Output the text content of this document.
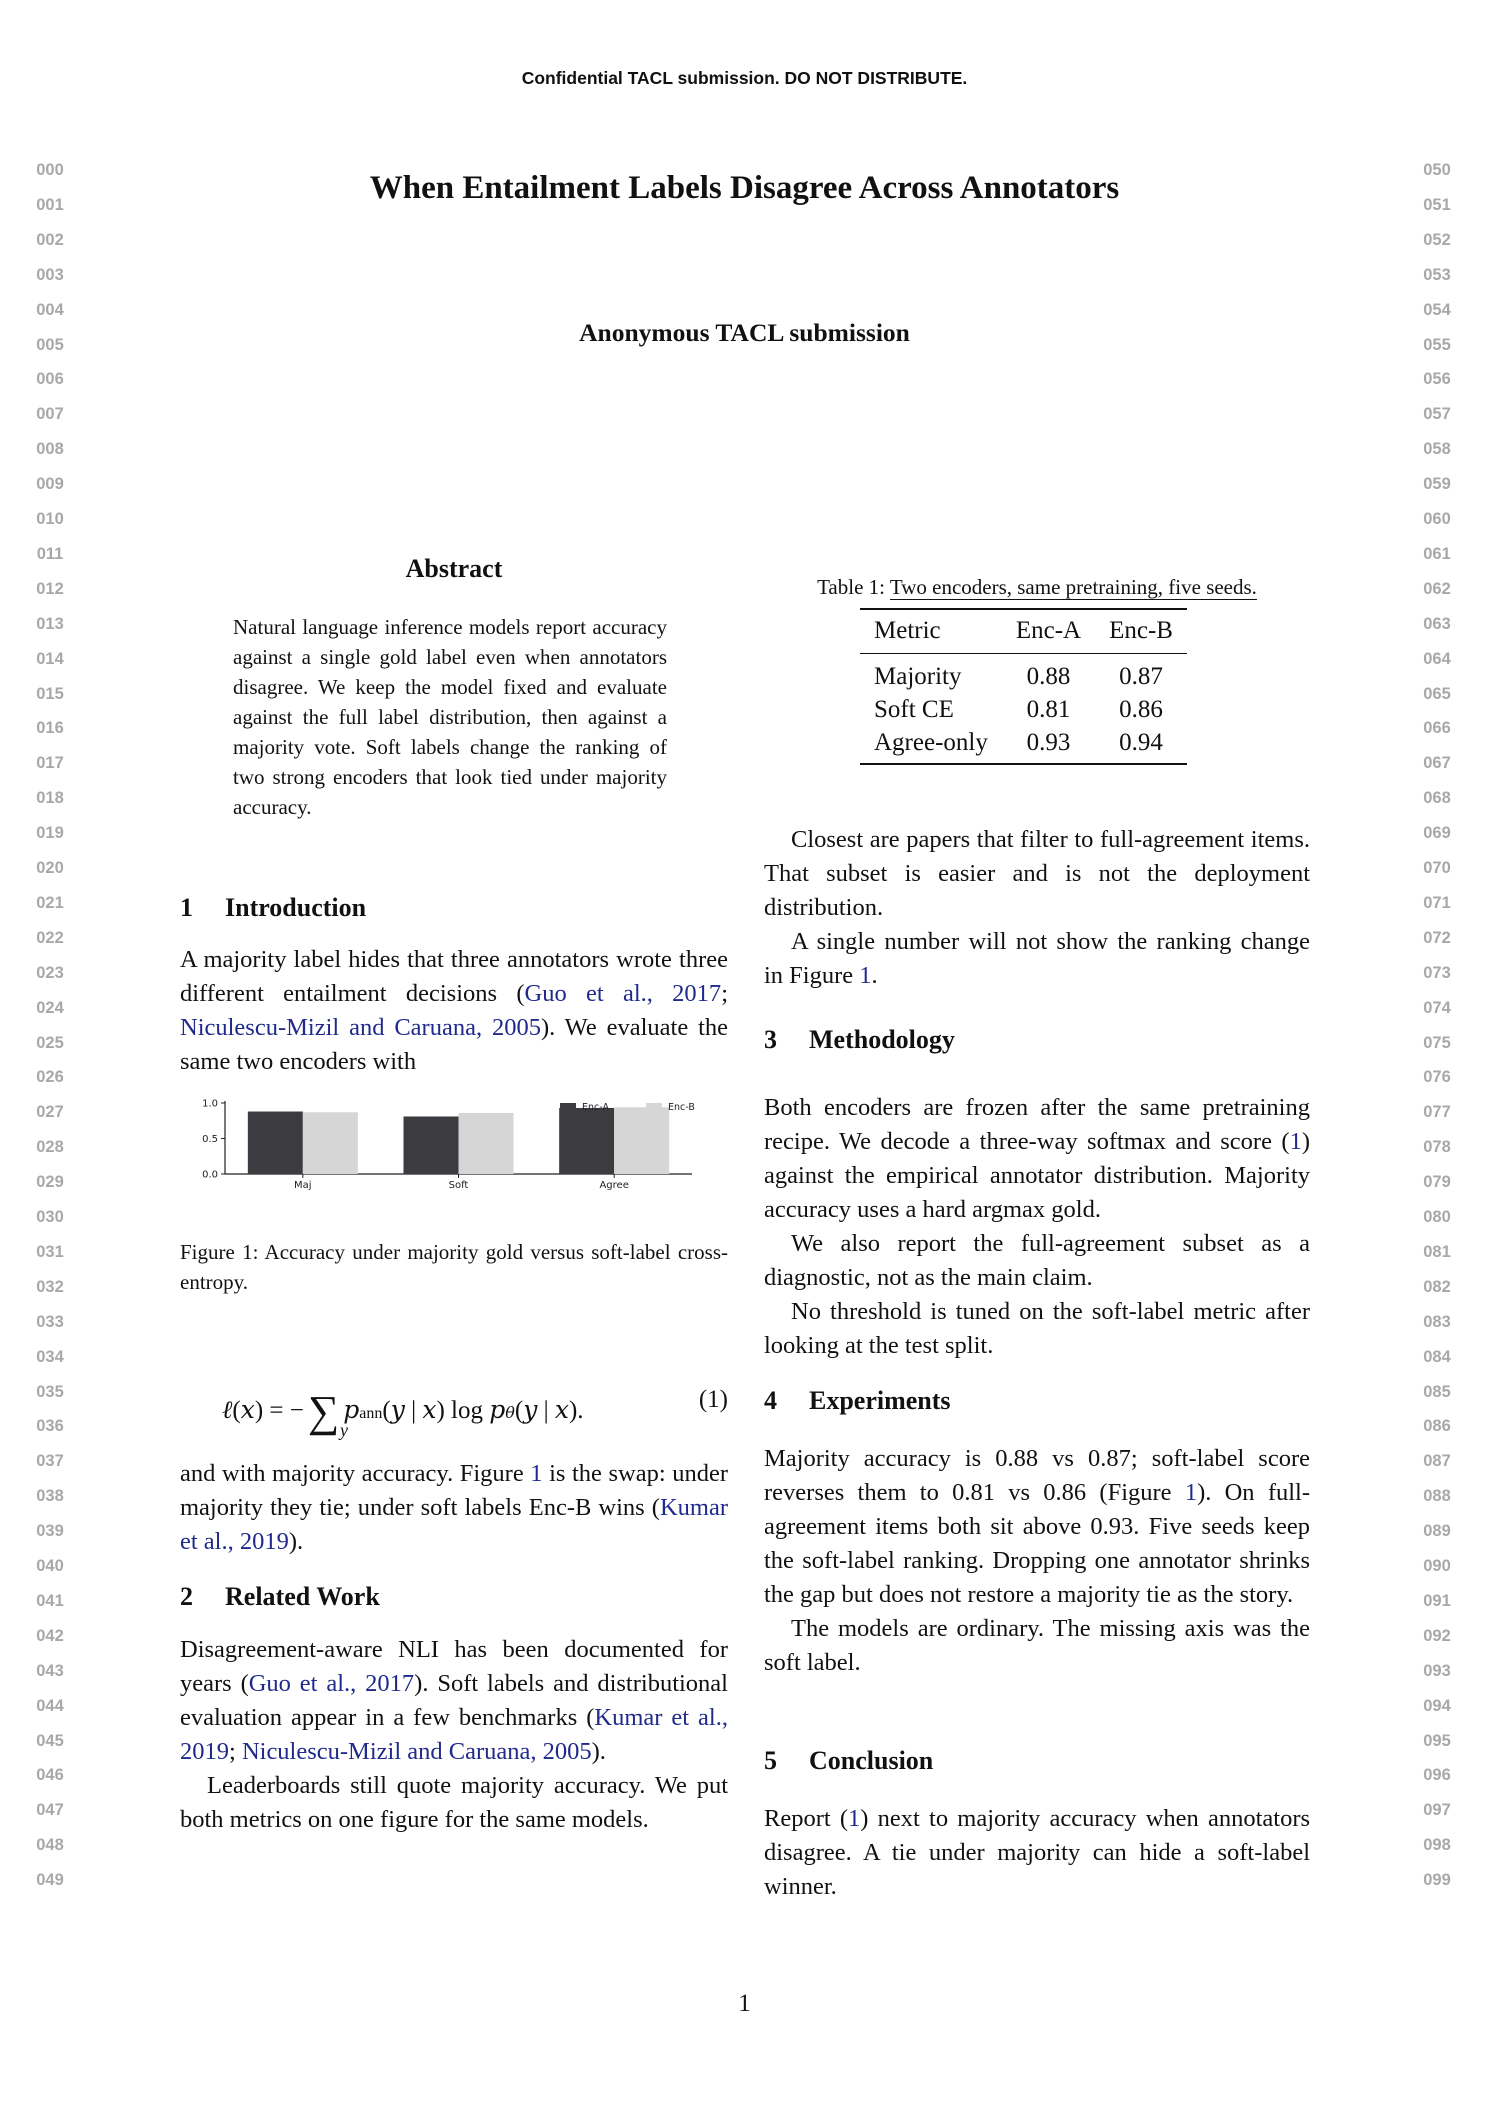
Confidential TACL submission. DO NOT DISTRIBUTE.
000
001
002
003
004
005
006
007
008
009
010
011
012
013
014
015
016
017
018
019
020
021
022
023
024
025
026
027
028
029
030
031
032
033
034
035
036
037
038
039
040
041
042
043
044
045
046
047
048
049
050
051
052
053
054
055
056
057
058
059
060
061
062
063
064
065
066
067
068
069
070
071
072
073
074
075
076
077
078
079
080
081
082
083
084
085
086
087
088
089
090
091
092
093
094
095
096
097
098
099
When Entailment Labels Disagree Across Annotators
Anonymous TACL submission
Abstract
Natural language inference models report accuracy against a single gold label even when annotators disagree. We keep the model fixed and evaluate against the full label distribution, then against a majority vote. Soft labels change the ranking of two strong encoders that look tied under majority accuracy.
1 Introduction

A majority label hides that three annotators wrote three different entailment decisions (Guo et al., 2017; Niculescu-Mizil and Caruana, 2005). We evaluate the same two encoders with

0.0
0.5
1.0
Maj	Soft	Agree
Enc-A	Enc-B
Figure 1: Accuracy under majority gold versus soft-label cross-entropy.
ℓ(x) = −∑ pann(y | x) log pθ(y | x).
y
(1)

and with majority accuracy. Figure 1 is the swap: under majority they tie; under soft labels Enc-B wins (Kumar et al., 2019).

2 Related Work

Disagreement-aware NLI has been documented for years (Guo et al., 2017). Soft labels and distributional evaluation appear in a few benchmarks (Kumar et al., 2019; Niculescu-Mizil and Caruana, 2005).

Leaderboards still quote majority accuracy. We put both metrics on one figure for the same models.

Table 1: Two encoders, same pretraining, five seeds.
Metric	Enc-A	Enc-B
Majority	0.88	0.87
Soft CE	0.81	0.86
Agree-only	0.93	0.94

Closest are papers that filter to full-agreement items. That subset is easier and is not the deployment distribution.

A single number will not show the ranking change in Figure 1.

3 Methodology

Both encoders are frozen after the same pretraining recipe. We decode a three-way softmax and score (1) against the empirical annotator distribution. Majority accuracy uses a hard argmax gold.

We also report the full-agreement subset as a diagnostic, not as the main claim.

No threshold is tuned on the soft-label metric after looking at the test split.

4 Experiments

Majority accuracy is 0.88 vs 0.87; soft-label score reverses them to 0.81 vs 0.86 (Figure 1). On full-agreement items both sit above 0.93. Five seeds keep the soft-label ranking. Dropping one annotator shrinks the gap but does not restore a majority tie as the story.

The models are ordinary. The missing axis was the soft label.

5 Conclusion

Report (1) next to majority accuracy when annotators disagree. A tie under majority can hide a soft-label winner.

1
